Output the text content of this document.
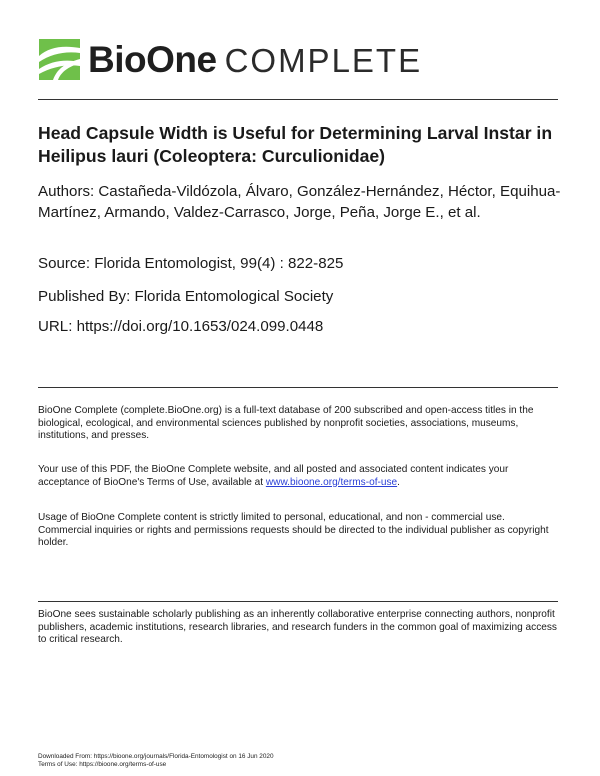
BioOne COMPLETE
Head Capsule Width is Useful for Determining Larval Instar in Heilipus lauri (Coleoptera: Curculionidae)
Authors: Castañeda-Vildózola, Álvaro, González-Hernández, Héctor, Equihua-Martínez, Armando, Valdez-Carrasco, Jorge, Peña, Jorge E., et al.
Source: Florida Entomologist, 99(4) : 822-825
Published By: Florida Entomological Society
URL: https://doi.org/10.1653/024.099.0448

BioOne Complete (complete.BioOne.org) is a full-text database of 200 subscribed and open-access titles in the biological, ecological, and environmental sciences published by nonprofit societies, associations, museums, institutions, and presses.

Your use of this PDF, the BioOne Complete website, and all posted and associated content indicates your acceptance of BioOne's Terms of Use, available at www.bioone.org/terms-of-use.

Usage of BioOne Complete content is strictly limited to personal, educational, and non - commercial use. Commercial inquiries or rights and permissions requests should be directed to the individual publisher as copyright holder.

BioOne sees sustainable scholarly publishing as an inherently collaborative enterprise connecting authors, nonprofit publishers, academic institutions, research libraries, and research funders in the common goal of maximizing access to critical research.

Downloaded From: https://bioone.org/journals/Florida-Entomologist on 16 Jun 2020
Terms of Use: https://bioone.org/terms-of-use
